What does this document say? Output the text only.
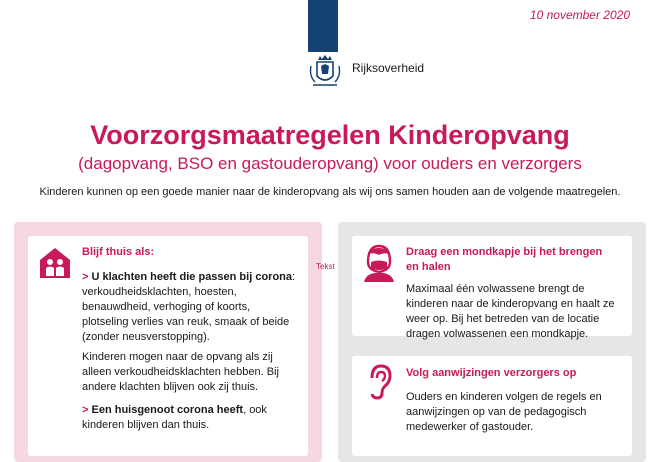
10 november 2020
Rijksoverheid
Voorzorgsmaatregelen Kinderopvang
(dagopvang, BSO en gastouderopvang) voor ouders en verzorgers
Kinderen kunnen op een goede manier naar de kinderopvang als wij ons samen houden aan de volgende maatregelen.
Blijf thuis als:
> U klachten heeft die passen bij corona: verkoudheidsklachten, hoesten, benauwdheid, verhoging of koorts, plotseling verlies van reuk, smaak of beide (zonder neusverstopping).
Kinderen mogen naar de opvang als zij alleen verkoudheidsklachten hebben. Bij andere klachten blijven ook zij thuis.
> Een huisgenoot corona heeft, ook kinderen blijven dan thuis.
Tekst
Draag een mondkapje bij het brengen
en halen
Maximaal één volwassene brengt de kinderen naar de kinderopvang en haalt ze weer op. Bij het betreden van de locatie dragen volwassenen een mondkapje.
Volg aanwijzingen verzorgers op
Ouders en kinderen volgen de regels en aanwijzingen op van de pedagogisch medewerker of gastouder.
